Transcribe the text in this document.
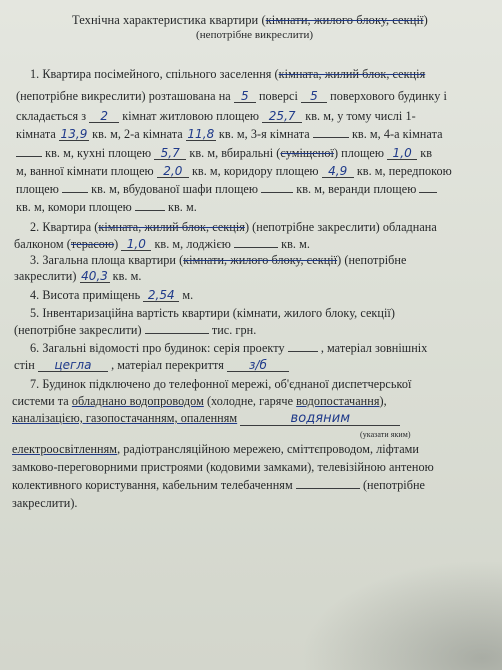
Технічна характеристика квартири (кімнати, жилого блоку, секції)
(непотрібне викреслити)
1. Квартира посімейного, спільного заселення (кімната, жилий блок, секція
(непотрібне викреслити) розташована на 5 поверсі 5 поверхового будинку і
складається з 2 кімнат житловою площею 25,7 кв. м, у тому числі 1-
кімната 13,9 кв. м, 2-а кімната 11,8 кв. м, 3-я кімната	кв. м, 4-а кімната
кв. м, кухні площею 5,7 кв. м, вбиральні (суміщеної) площею 1,0 кв
м, ванної кімнати площею 2,0 кв. м, коридору площею 4,9 кв. м, передпокою
площею	кв. м, вбудованої шафи площею	кв. м, веранди площею
кв. м, комори площею	кв. м.
2. Квартира (кімната, жилий блок, секція) (непотрібне закреслити) обладнана
балконом (терасою) 1,0 кв. м, лоджією	кв. м.
3. Загальна площа квартири (кімнати, жилого блоку, секції) (непотрібне
закреслити) 40,3 кв. м.
4. Висота приміщень 2,54 м.
5. Інвентаризаційна вартість квартири (кімнати, жилого блоку, секції)
(непотрібне закреслити)	тис. грн.
6. Загальні відомості про будинок: серія проекту	, матеріал зовнішніх
стін цегла , матеріал перекриття з/б
7. Будинок підключено до телефонної мережі, об'єднаної диспетчерської
системи та обладнано водопроводом (холодне, гаряче водопостачання),
каналізацією, газопостачанням, опаленням	водяним
(указати яким)
електроосвітленням, радіотрансляційною мережею, сміттєпроводом, ліфтами
замково-переговорними пристроями (кодовими замками), телевізійною антеною
колективного користування, кабельним телебаченням	(непотрібне
закреслити).
